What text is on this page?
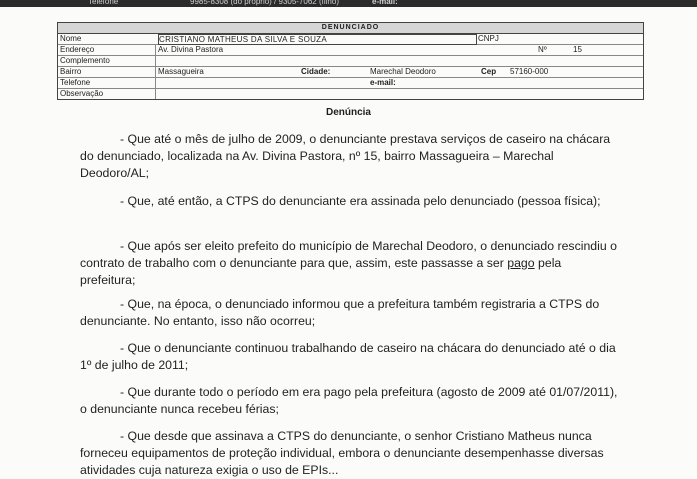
Telefone	9985-8308 (do proprio) / 9305-7062 (filho)	e-mail:
DENUNCIADO
Nome	CRISTIANO MATHEUS DA SILVA E SOUZA	CNPJ
Endereço	Av. Divina Pastora	Nº	15
Complemento
Bairro	Massagueira	Cidade:	Marechal Deodoro	Cep 57160-000
Telefone	e-mail:
Observação
Denúncia

- Que até o mês de julho de 2009, o denunciante prestava serviços de caseiro na chácara do denunciado, localizada na Av. Divina Pastora, nº 15, bairro Massagueira – Marechal Deodoro/AL;

- Que, até então, a CTPS do denunciante era assinada pelo denunciado (pessoa física);

- Que após ser eleito prefeito do município de Marechal Deodoro, o denunciado rescindiu o contrato de trabalho com o denunciante para que, assim, este passasse a ser pago pela prefeitura;

- Que, na época, o denunciado informou que a prefeitura também registraria a CTPS do denunciante. No entanto, isso não ocorreu;

- Que o denunciante continuou trabalhando de caseiro na chácara do denunciado até o dia 1º de julho de 2011;

- Que durante todo o período em era pago pela prefeitura (agosto de 2009 até 01/07/2011), o denunciante nunca recebeu férias;

- Que desde que assinava a CTPS do denunciante, o senhor Cristiano Matheus nunca forneceu equipamentos de proteção individual, embora o denunciante desempenhasse diversas atividades cuja natureza exigia o uso de EPIs...
